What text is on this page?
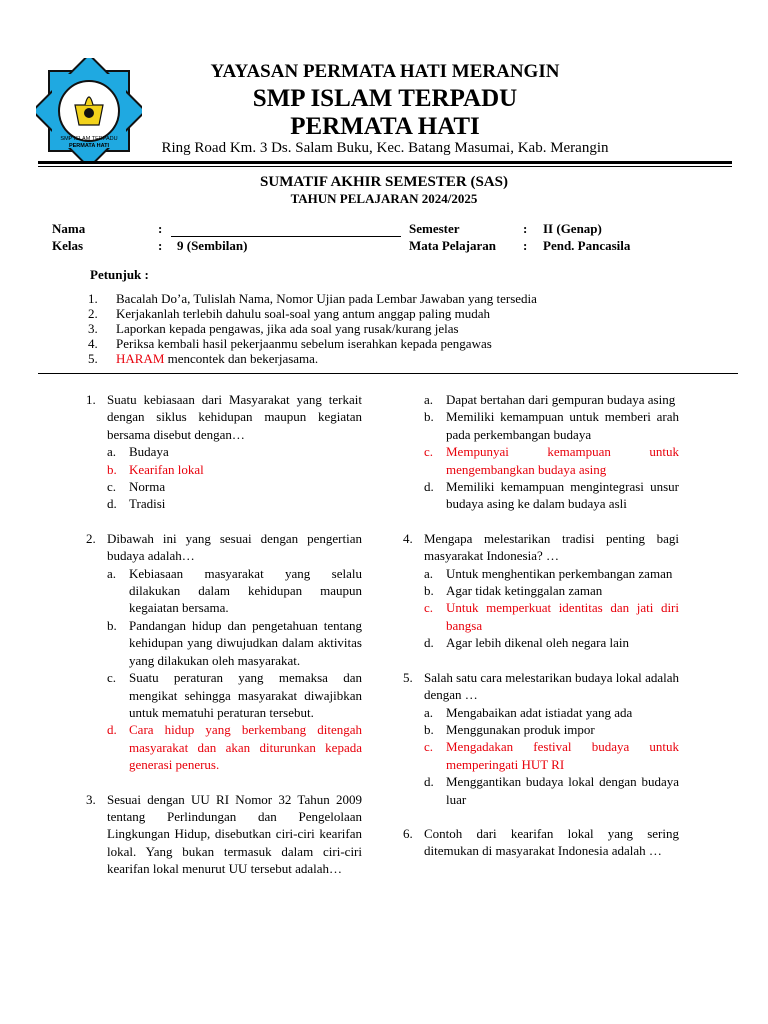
SMP ISLAM TERPADU
PERMATA HATI
YAYASAN PERMATA HATI MERANGIN
SMP ISLAM TERPADU
PERMATA HATI
Ring Road Km. 3 Ds. Salam Buku, Kec. Batang Masumai, Kab. Merangin
SUMATIF AKHIR SEMESTER (SAS)
TAHUN PELAJARAN 2024/2025
Nama	:
Kelas	: 9 (Sembilan)
Semester	: II (Genap)
Mata Pelajaran : Pend. Pancasila
Petunjuk :
1. Bacalah Do’a, Tulislah Nama, Nomor Ujian pada Lembar Jawaban yang tersedia
2. Kerjakanlah terlebih dahulu soal-soal yang antum anggap paling mudah
3. Laporkan kepada pengawas, jika ada soal yang rusak/kurang jelas
4. Periksa kembali hasil pekerjaanmu sebelum iserahkan kepada pengawas
5. HARAM mencontek dan bekerjasama.
1. Suatu kebiasaan dari Masyarakat yang terkait dengan siklus kehidupan maupun kegiatan bersama disebut dengan…
a. Budaya
b. Kearifan lokal
c. Norma
d. Tradisi
2. Dibawah ini yang sesuai dengan pengertian budaya adalah…
a. Kebiasaan masyarakat yang selalu dilakukan dalam kehidupan maupun kegaiatan bersama.
b. Pandangan hidup dan pengetahuan tentang kehidupan yang diwujudkan dalam aktivitas yang dilakukan oleh masyarakat.
c. Suatu peraturan yang memaksa dan mengikat sehingga masyarakat diwajibkan untuk mematuhi peraturan tersebut.
d. Cara hidup yang berkembang ditengah masyarakat dan akan diturunkan kepada generasi penerus.
3. Sesuai dengan UU RI Nomor 32 Tahun 2009 tentang Perlindungan dan Pengelolaan Lingkungan Hidup, disebutkan ciri-ciri kearifan lokal. Yang bukan termasuk dalam ciri-ciri kearifan lokal menurut UU tersebut adalah…
a. Dapat bertahan dari gempuran budaya asing
b. Memiliki kemampuan untuk memberi arah pada perkembangan budaya
c. Mempunyai kemampuan untuk mengembangkan budaya asing
d. Memiliki kemampuan mengintegrasi unsur budaya asing ke dalam budaya asli
4. Mengapa melestarikan tradisi penting bagi masyarakat Indonesia? …
a. Untuk menghentikan perkembangan zaman
b. Agar tidak ketinggalan zaman
c. Untuk memperkuat identitas dan jati diri bangsa
d. Agar lebih dikenal oleh negara lain
5. Salah satu cara melestarikan budaya lokal adalah dengan …
a. Mengabaikan adat istiadat yang ada
b. Menggunakan produk impor
c. Mengadakan festival budaya untuk memperingati HUT RI
d. Menggantikan budaya lokal dengan budaya luar
6. Contoh dari kearifan lokal yang sering ditemukan di masyarakat Indonesia adalah …
